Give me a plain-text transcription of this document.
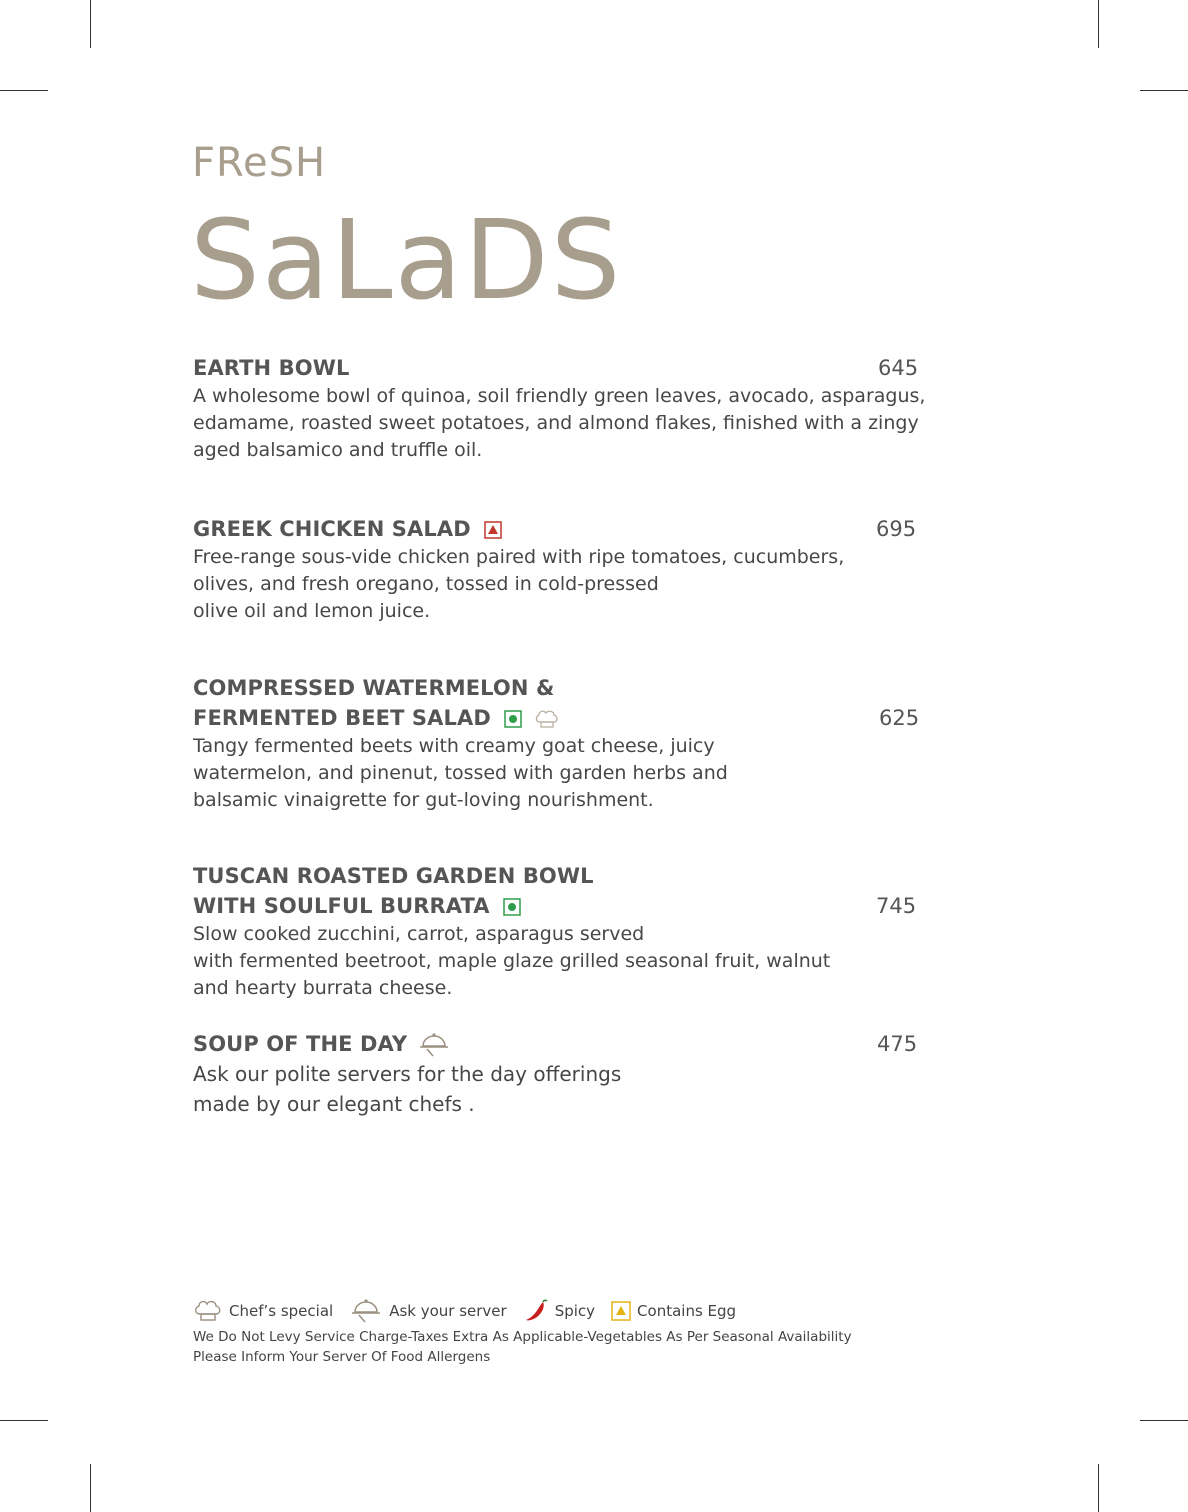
FReSH
SaLaDS
EARTH BOWL
A wholesome bowl of quinoa, soil friendly green leaves, avocado, asparagus,
edamame, roasted sweet potatoes, and almond flakes, finished with a zingy
aged balsamico and truffle oil.
645
GREEK CHICKEN SALAD
Free-range sous-vide chicken paired with ripe tomatoes, cucumbers,
olives, and fresh oregano, tossed in cold-pressed
olive oil and lemon juice.
695
COMPRESSED WATERMELON &
FERMENTED BEET SALAD

Tangy fermented beets with creamy goat cheese, juicy
watermelon, and pinenut, tossed with garden herbs and
balsamic vinaigrette for gut-loving nourishment.
625
TUSCAN ROASTED GARDEN BOWL
WITH SOULFUL BURRATA
Slow cooked zucchini, carrot, asparagus served
with fermented beetroot, maple glaze grilled seasonal fruit, walnut
and hearty burrata cheese.
745
SOUP OF THE DAY
Ask our polite servers for the day offerings
made by our elegant chefs .
475
Chef’s special	Ask your server	Spicy	Contains Egg
We Do Not Levy Service Charge-Taxes Extra As Applicable-Vegetables As Per Seasonal Availability
Please Inform Your Server Of Food Allergens
